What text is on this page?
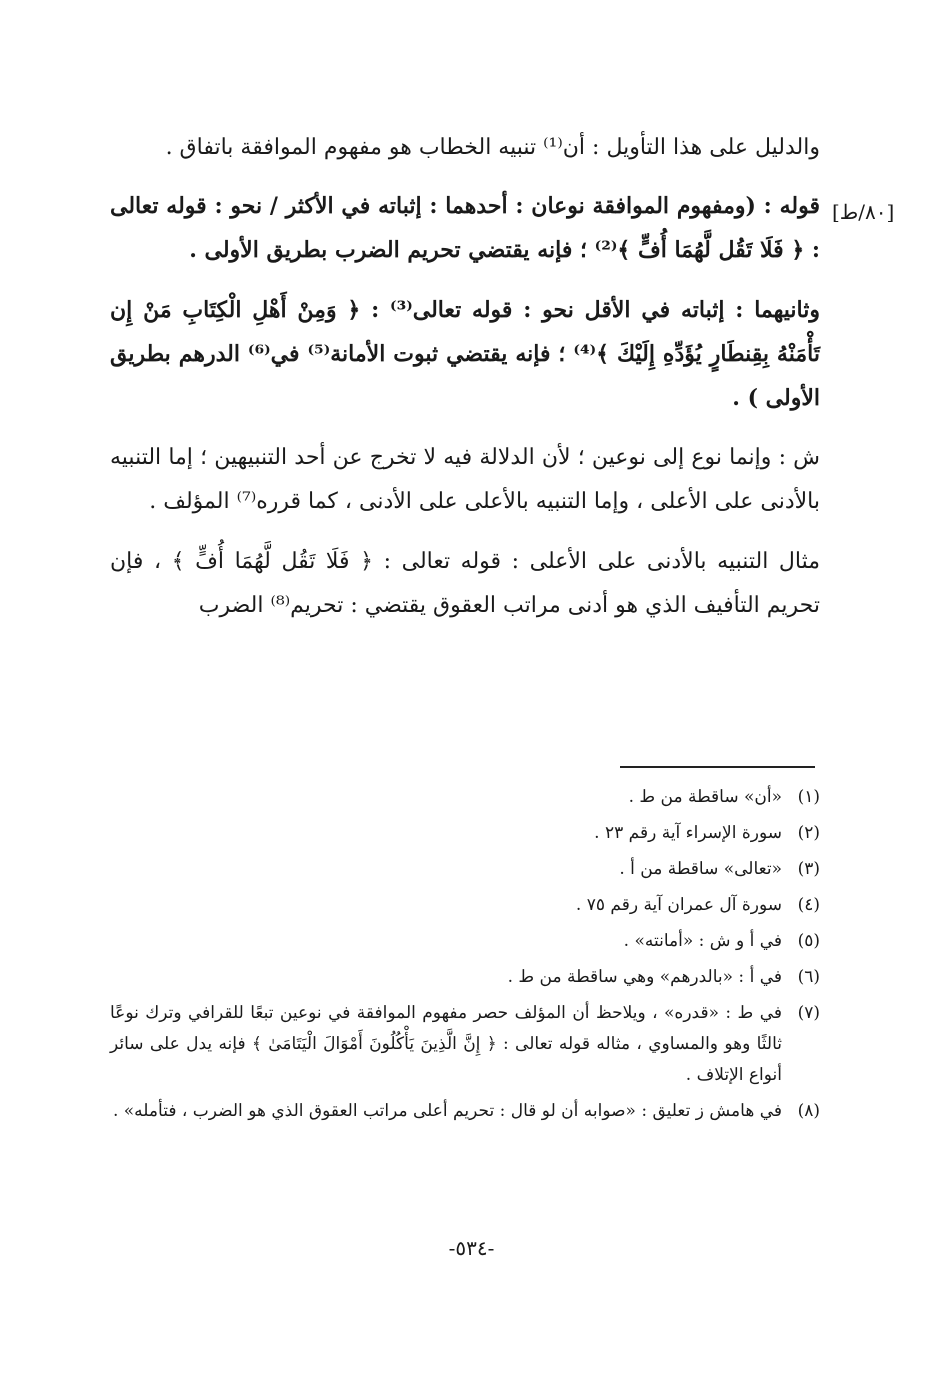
[٨٠/ط]

والدليل على هذا التأويل : أن⁽¹⁾ تنبيه الخطاب هو مفهوم الموافقة باتفاق .

قوله : (ومفهوم الموافقة نوعان : أحدهما : إثباته في الأكثر / نحو : قوله تعالى : ﴿ فَلَا تَقُل لَّهُمَا أُفٍّ ﴾⁽²⁾ ؛ فإنه يقتضي تحريم الضرب بطريق الأولى .

وثانيهما : إثباته في الأقل نحو : قوله تعالى⁽³⁾ : ﴿ وَمِنْ أَهْلِ الْكِتَابِ مَنْ إِن تَأْمَنْهُ بِقِنطَارٍ يُؤَدِّهِ إِلَيْكَ ﴾⁽⁴⁾ ؛ فإنه يقتضي ثبوت الأمانة⁽⁵⁾ في⁽⁶⁾ الدرهم بطريق الأولى ) .

ش : وإنما نوع إلى نوعين ؛ لأن الدلالة فيه لا تخرج عن أحد التنبيهين ؛ إما التنبيه بالأدنى على الأعلى ، وإما التنبيه بالأعلى على الأدنى ، كما قرره⁽⁷⁾ المؤلف .

مثال التنبيه بالأدنى على الأعلى : قوله تعالى : ﴿ فَلَا تَقُل لَّهُمَا أُفٍّ ﴾ ، فإن تحريم التأفيف الذي هو أدنى مراتب العقوق يقتضي : تحريم⁽⁸⁾ الضرب

(١)
«أن» ساقطة من ط .
(٢)
سورة الإسراء آية رقم ٢٣ .
(٣)
«تعالى» ساقطة من أ .
(٤)
سورة آل عمران آية رقم ٧٥ .
(٥)
في أ و ش : «أمانته» .
(٦)
في أ : «بالدرهم» وهي ساقطة من ط .
(٧)
في ط : «قدره» ، ويلاحظ أن المؤلف حصر مفهوم الموافقة في نوعين تبعًا للقرافي وترك نوعًا ثالثًا وهو والمساوي ، مثاله قوله تعالى : ﴿ إِنَّ الَّذِينَ يَأْكُلُونَ أَمْوَالَ الْيَتَامَىٰ ﴾ فإنه يدل على سائر أنواع الإتلاف .
(٨)
في هامش ز تعليق : «صوابه أن لو قال : تحريم أعلى مراتب العقوق الذي هو الضرب ، فتأمله» .
-٥٣٤-
